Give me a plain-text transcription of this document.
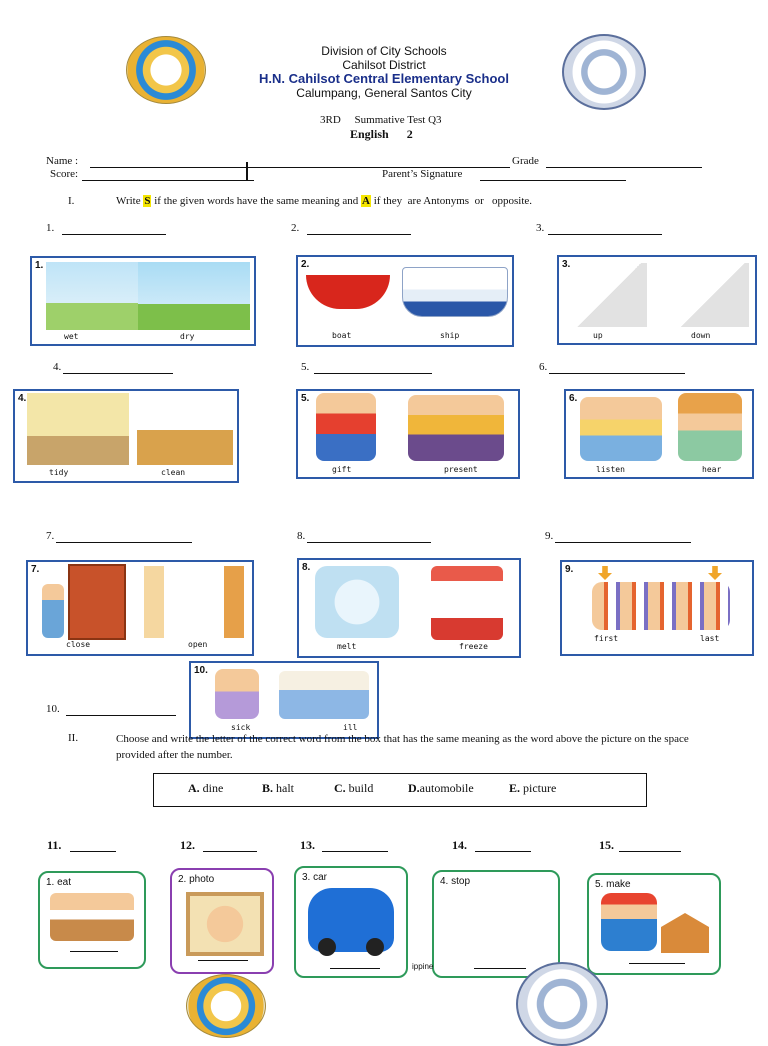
Division of City Schools
Cahilsot District
H.N. Cahilsot Central Elementary School
Calumpang, General Santos City
3RD     Summative Test Q3
English      2
Name :	Grade
Score:	Parent’s Signature
I.	Write S if the given words have the same meaning and A if they  are Antonyms  or   opposite.
1.	2.	3.
1.
wet	dry
2.
boat	ship
3.
up	down
4.	5.	6.
4.
tidy	clean
5.
gift	present
6.
listen	hear
7.	8.	9.
7.
close	open
8.
melt	freeze
9.
first	last
10.
sick	ill
10.
II.	Choose and write the letter of the correct word from the box that has the same meaning as the word above the picture on the space provided after the number.
A. dine	B. halt	C. build	D.automobile	E. picture
11.	12.	13.	14.	15.
1. eat	2. photo	3. car	4. stop	5. make
ippine
